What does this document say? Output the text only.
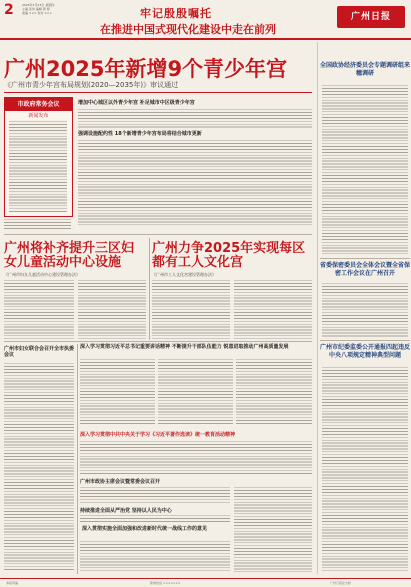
2	2025年1月23日 星期四
主编 张伟 编辑 黄 婷
美编 ××× 校对 ×××	牢记殷殷嘱托
在推进中国式现代化建设中走在前列
广州日报
广州2025年新增9个青少年宫
《广州市青少年宫布局规划(2020—2035年)》审议通过
市政府常务会议
新闻发布
增加中心城区以外青少年宫 补足城市中区级青少年宫
强调设施配约性 18个新增青少年宫布局将结合城市更新
广州将补齐提升三区妇女儿童活动中心设施
《广州市妇女儿童活动中心建设管理办法》
广州力争2025年实现每区都有工人文化宫
《广州市工人文化宫建设管理办法》
广州市妇女联合会召开全市执委会议
深入学习贯彻习近平总书记重要讲话精神 不断提升干部队伍能力 锐意进取推动广州高质量发展
深入学习贯彻中共中央关于学习《习近平著作选读》统一教育活动精神
广州市政协主席会议暨常委会议召开
持续推进全面从严治党 坚持以人民为中心
深入贯彻实施全面加强和改进新时代统一战线工作的意见
全国政协经济委员会专题调研组来穗调研
省委保密委员会全体会议暨全省保密工作会议在广州召开
广州市纪委监委公开通报四起违反中央八项规定精神典型问题
本版责编	新闻热线 ×××××××	广州日报社出版
